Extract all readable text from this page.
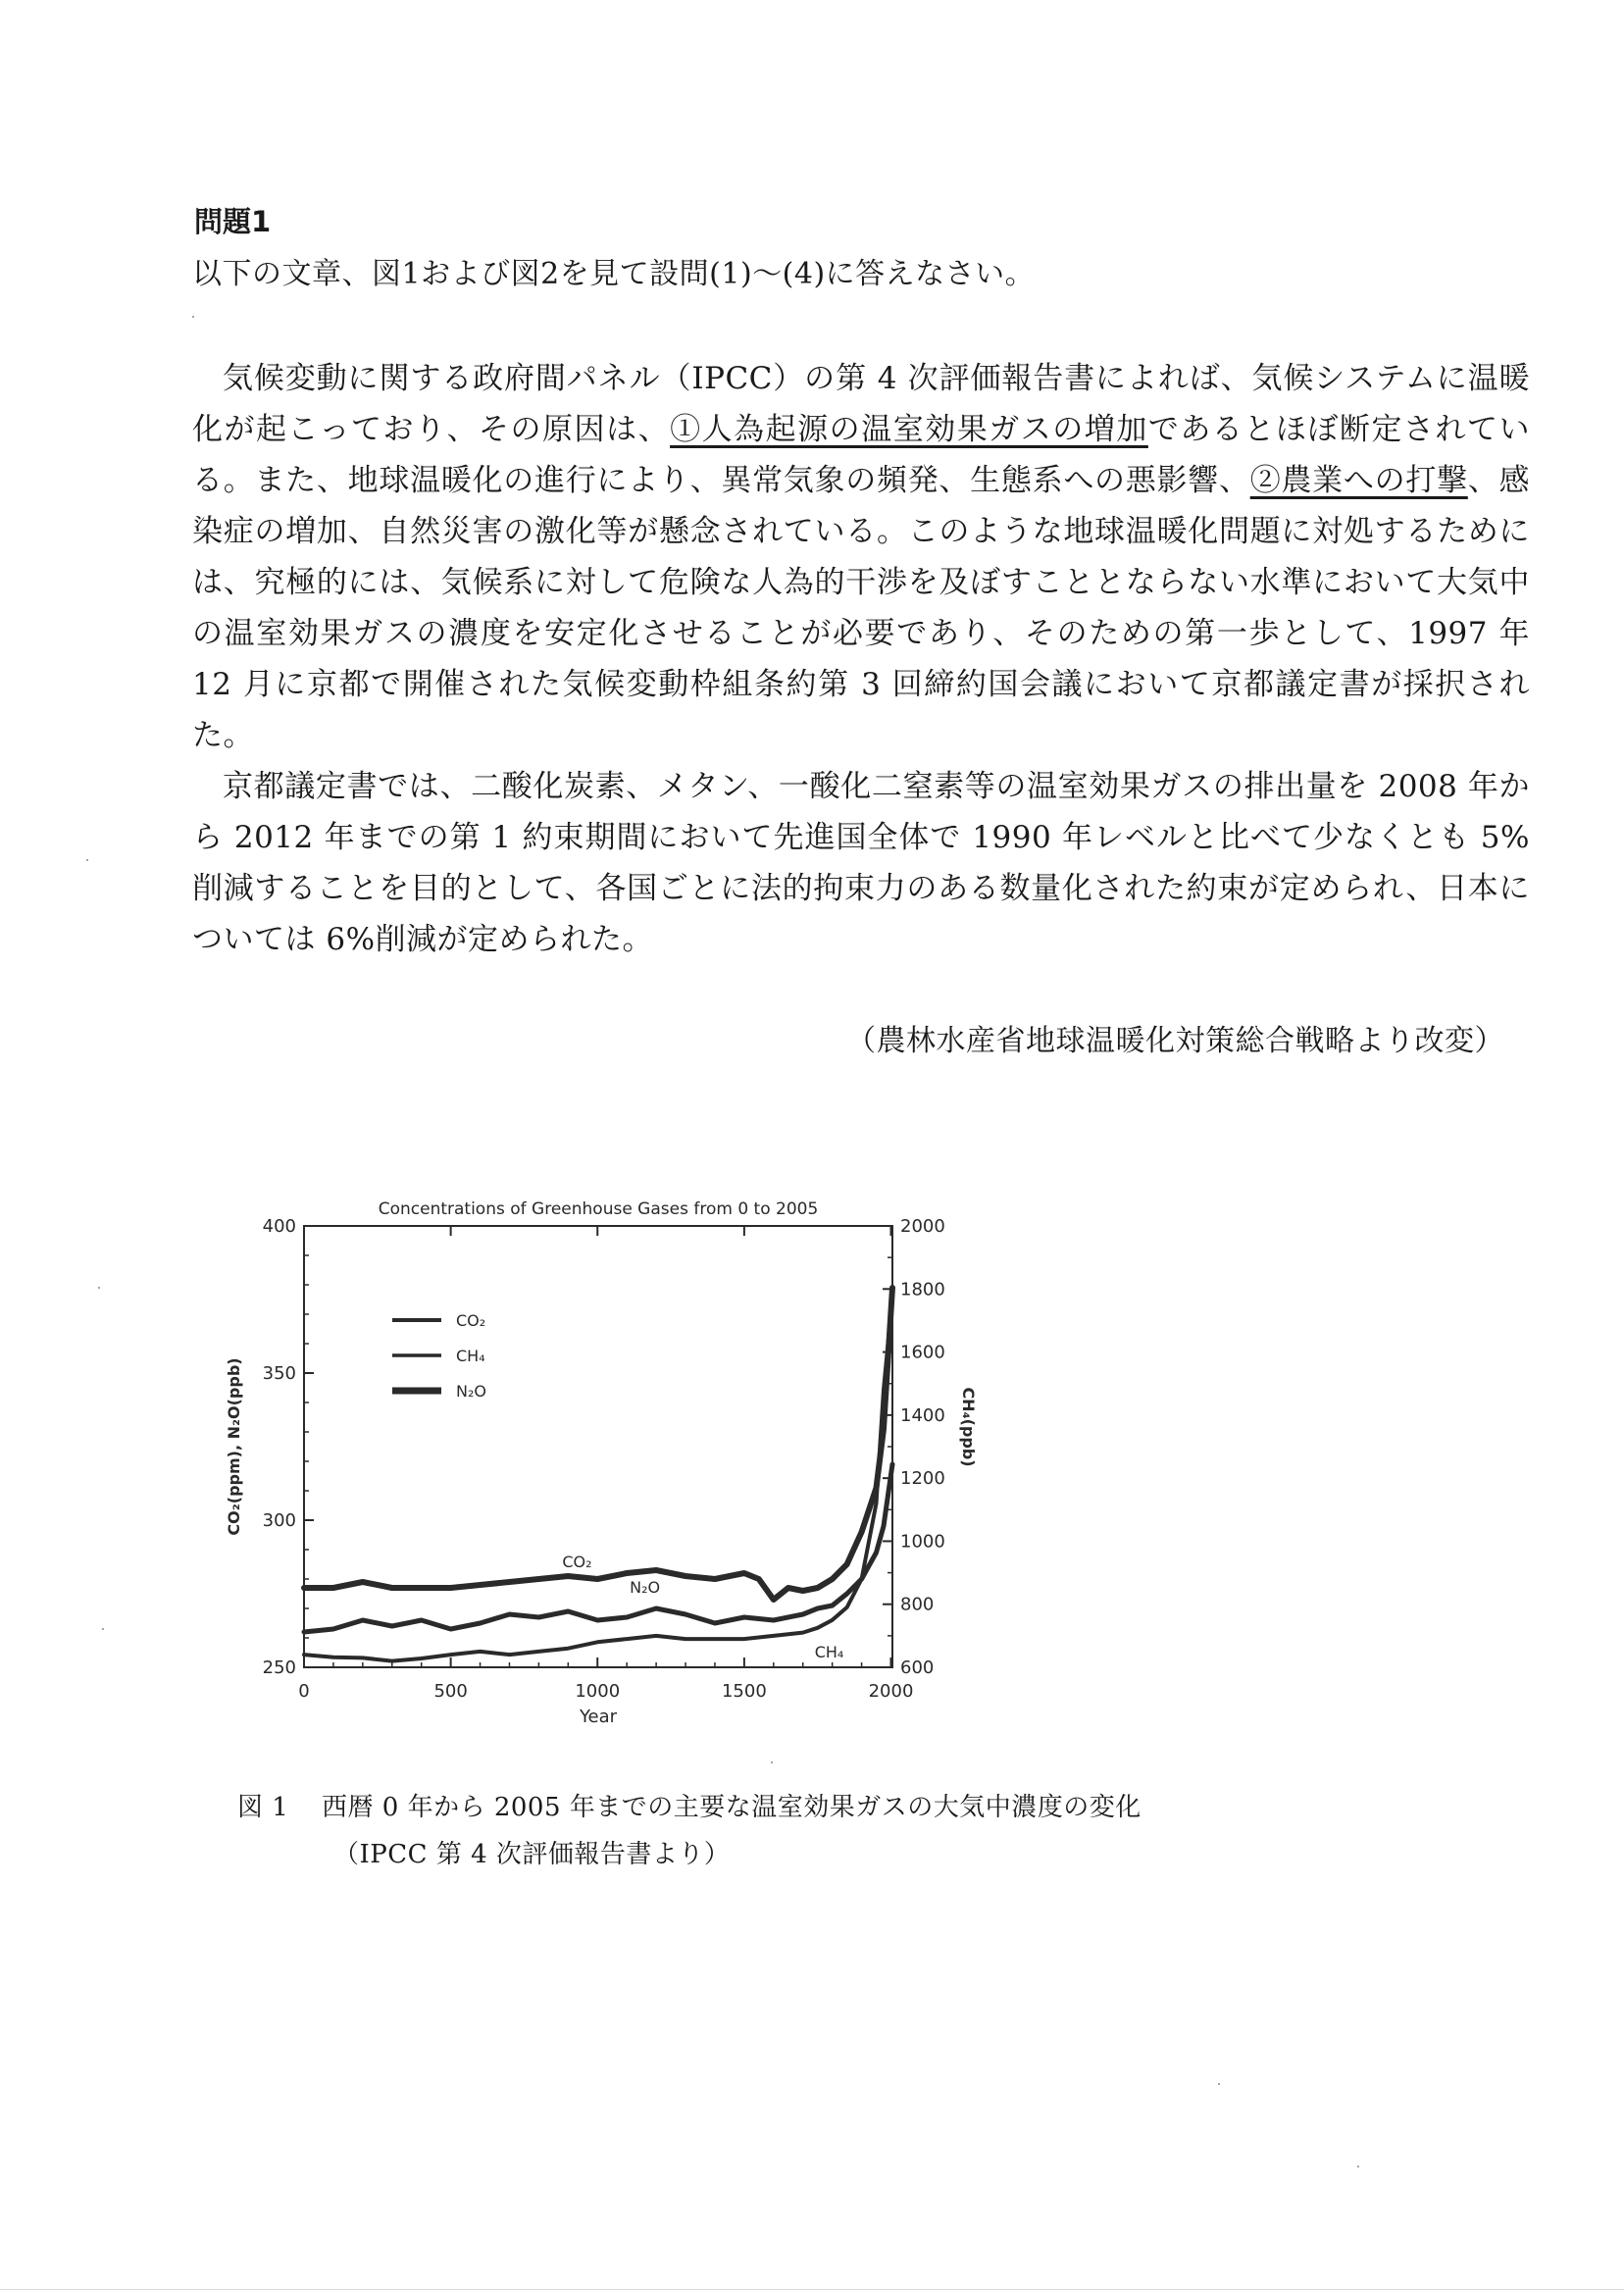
問題1
以下の文章、図1および図2を見て設問(1)〜(4)に答えなさい。

気候変動に関する政府間パネル（IPCC）の第 4 次評価報告書によれば、気候システムに温暖化が起こっており、その原因は、①人為起源の温室効果ガスの増加であるとほぼ断定されている。また、地球温暖化の進行により、異常気象の頻発、生態系への悪影響、②農業への打撃、感染症の増加、自然災害の激化等が懸念されている。このような地球温暖化問題に対処するためには、究極的には、気候系に対して危険な人為的干渉を及ぼすこととならない水準において大気中の温室効果ガスの濃度を安定化させることが必要であり、そのための第一歩として、1997 年 12 月に京都で開催された気候変動枠組条約第 3 回締約国会議において京都議定書が採択された。

京都議定書では、二酸化炭素、メタン、一酸化二窒素等の温室効果ガスの排出量を 2008 年から 2012 年までの第 1 約束期間において先進国全体で 1990 年レベルと比べて少なくとも 5%削減することを目的として、各国ごとに法的拘束力のある数量化された約束が定められ、日本については 6%削減が定められた。

（農林水産省地球温暖化対策総合戦略より改変）
Concentrations of Greenhouse Gases from 0 to 2005
0	500	1000	1500	2000
250
300
350
400
600
800
1000
1200
1400
1600
1800
2000
Year
CO₂(ppm), N₂O(ppb)	CH₄(ppb)
CO₂
CH₄
N₂O
CO₂
N₂O
CH₄
図 1 西暦 0 年から 2005 年までの主要な温室効果ガスの大気中濃度の変化
（IPCC 第 4 次評価報告書より）
